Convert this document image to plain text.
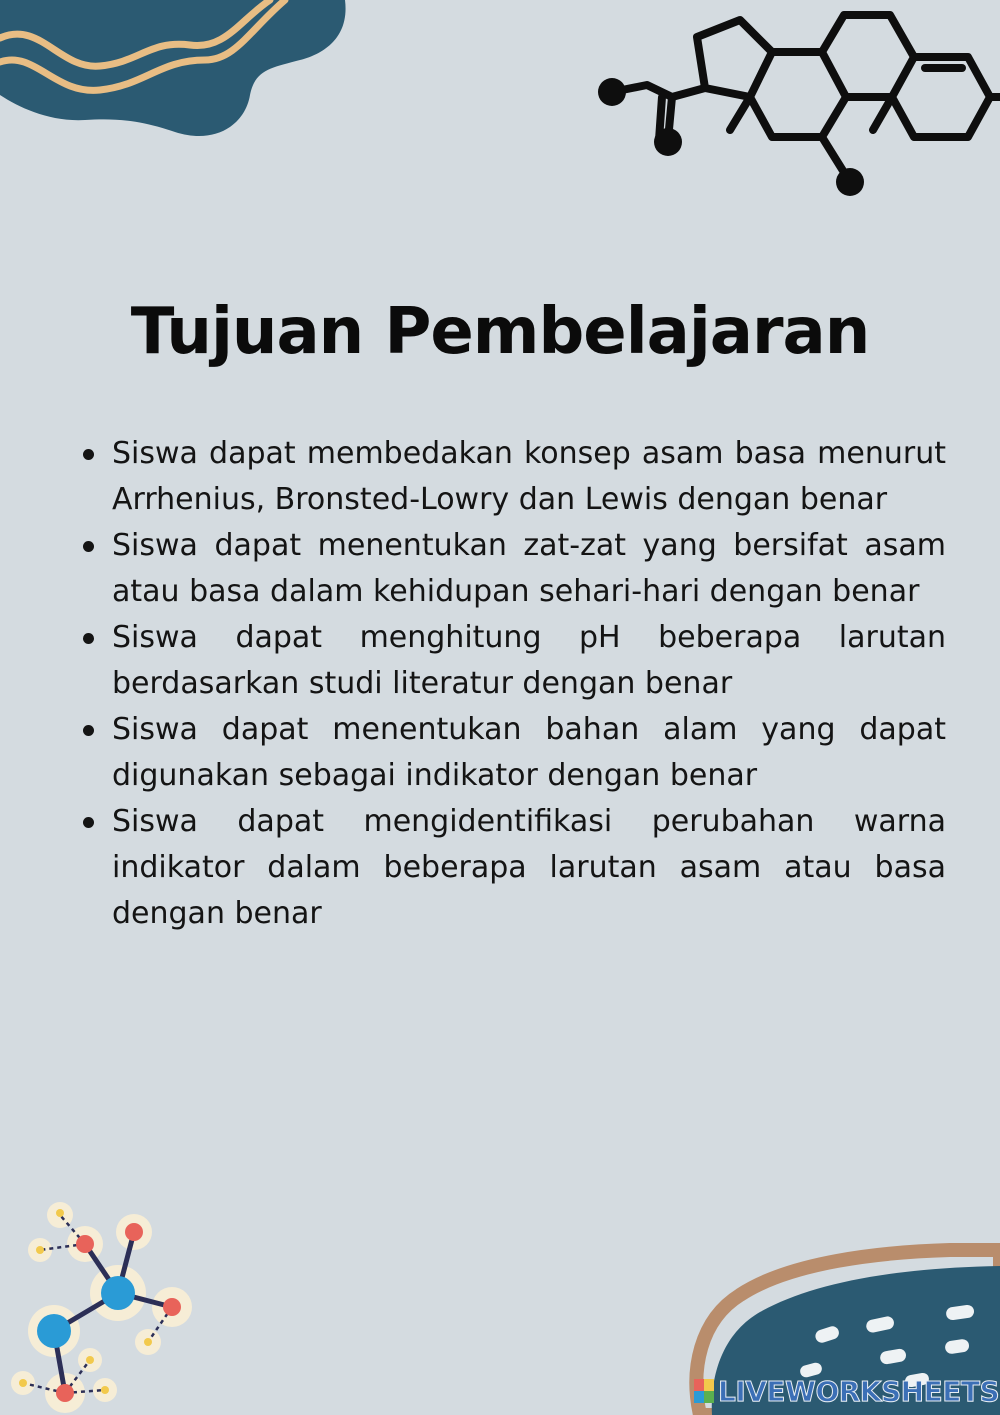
Tujuan Pembelajaran
Siswa dapat membedakan konsep asam basa menurut Arrhenius, Bronsted-Lowry dan Lewis dengan benar
Siswa dapat menentukan zat-zat yang bersifat asam atau basa dalam kehidupan sehari-hari dengan benar
Siswa dapat menghitung pH beberapa larutan berdasarkan studi literatur dengan benar
Siswa dapat menentukan bahan alam yang dapat digunakan sebagai indikator dengan benar
Siswa dapat mengidentifikasi perubahan warna indikator dalam beberapa larutan asam atau basa dengan benar
LIVEWORKSHEETS
